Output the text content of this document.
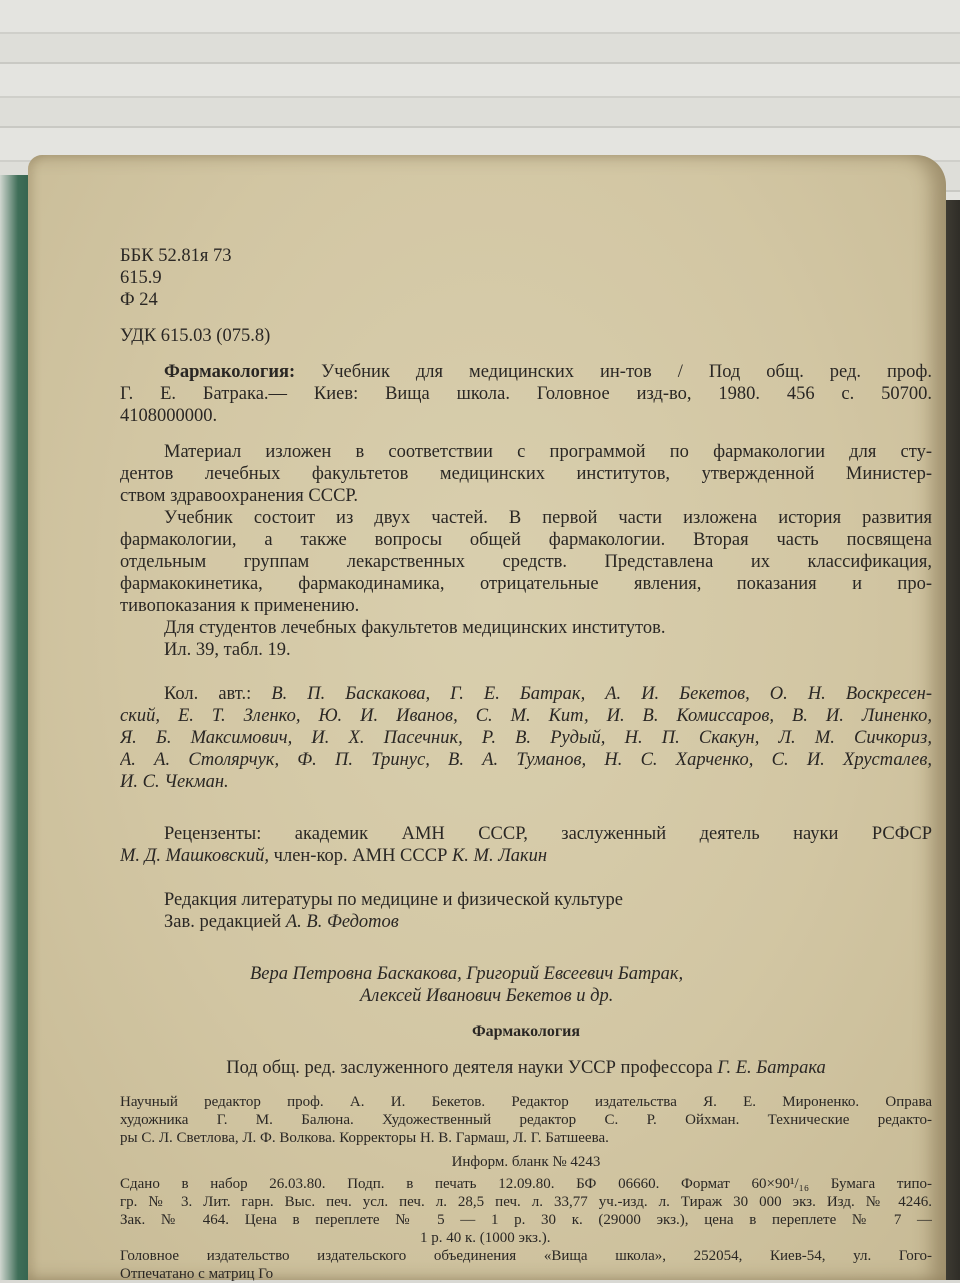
ББК 52.81я 73
615.9
Ф 24
УДК 615.03 (075.8)
Фармакология: Учебник для медицинских ин-тов / Под общ. ред. проф.
Г. Е. Батрака.— Киев: Вища школа. Головное изд-во, 1980. 456 с. 50700.
4108000000.
Материал изложен в соответствии с программой по фармакологии для сту-
дентов лечебных факультетов медицинских институтов, утвержденной Министер-
ством здравоохранения СССР.
Учебник состоит из двух частей. В первой части изложена история развития
фармакологии, а также вопросы общей фармакологии. Вторая часть посвящена
отдельным группам лекарственных средств. Представлена их классификация,
фармакокинетика, фармакодинамика, отрицательные явления, показания и про-
тивопоказания к применению.
Для студентов лечебных факультетов медицинских институтов.
Ил. 39, табл. 19.
Кол. авт.: В. П. Баскакова, Г. Е. Батрак, А. И. Бекетов, О. Н. Воскресен-
ский, Е. Т. Зленко, Ю. И. Иванов, С. М. Кит, И. В. Комиссаров, В. И. Линенко,
Я. Б. Максимович, И. Х. Пасечник, Р. В. Рудый, Н. П. Скакун, Л. М. Сичкориз,
А. А. Столярчук, Ф. П. Тринус, В. А. Туманов, Н. С. Харченко, С. И. Хрусталев,
И. С. Чекман.
Рецензенты: академик АМН СССР, заслуженный деятель науки РСФСР
М. Д. Машковский, член-кор. АМН СССР К. М. Лакин
Редакция литературы по медицине и физической культуре
Зав. редакцией А. В. Федотов
Вера Петровна Баскакова, Григорий Евсеевич Батрак,
Алексей Иванович Бекетов и др.
Фармакология
Под общ. ред. заслуженного деятеля науки УССР профессора Г. Е. Батрака
Научный редактор проф. А. И. Бекетов. Редактор издательства Я. Е. Мироненко. Оправа
художника Г. М. Балюна. Художественный редактор С. Р. Ойхман. Технические редакто-
ры С. Л. Светлова, Л. Ф. Волкова. Корректоры Н. В. Гармаш, Л. Г. Батшеева.
Информ. бланк № 4243
Сдано в набор 26.03.80. Подп. в печать 12.09.80. БФ 06660. Формат 60×90¹/₁₆ Бумага типо-
гр. № 3. Лит. гарн. Выс. печ. усл. печ. л. 28,5 печ. л. 33,77 уч.-изд. л. Тираж 30 000 экз. Изд. № 4246.
Зак. № 464. Цена в переплете № 5 — 1 р. 30 к. (29000 экз.), цена в переплете № 7 —
1 р. 40 к. (1000 экз.).
Головное издательство издательского объединения «Вища школа», 252054, Киев-54, ул. Гого-
Отпечатано с матриц Го
